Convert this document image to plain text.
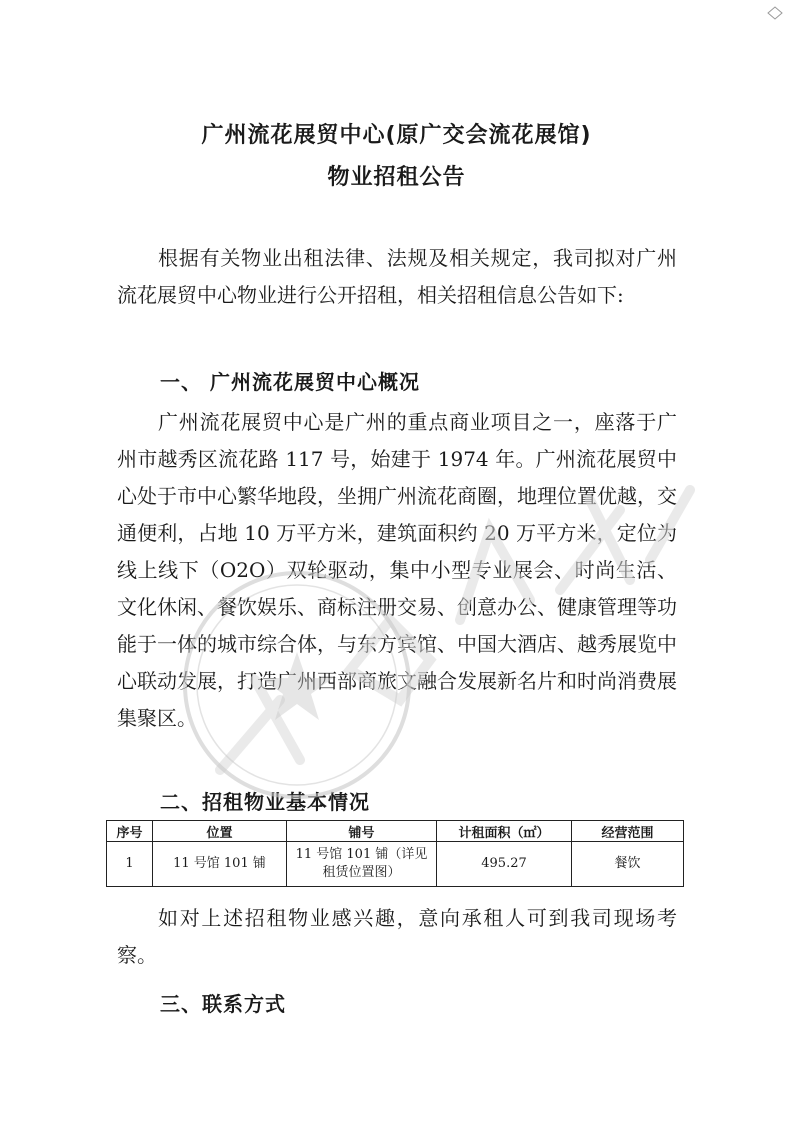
广州流花展贸中心(原广交会流花展馆)
物业招租公告
根据有关物业出租法律、法规及相关规定，我司拟对广州流花展贸中心物业进行公开招租，相关招租信息公告如下:
一、 广州流花展贸中心概况
广州流花展贸中心是广州的重点商业项目之一，座落于广州市越秀区流花路 117 号，始建于 1974 年。广州流花展贸中心处于市中心繁华地段，坐拥广州流花商圈，地理位置优越，交通便利，占地 10 万平方米，建筑面积约 20 万平方米，定位为线上线下（O2O）双轮驱动，集中小型专业展会、时尚生活、文化休闲、餐饮娱乐、商标注册交易、创意办公、健康管理等功能于一体的城市综合体，与东方宾馆、中国大酒店、越秀展览中心联动发展，打造广州西部商旅文融合发展新名片和时尚消费展集聚区。
二、招租物业基本情况
序号	位置	铺号	计租面积（㎡）	经营范围
1	11 号馆 101 铺	11 号馆 101 铺（详见租赁位置图）	495.27	餐饮
如对上述招租物业感兴趣，意向承租人可到我司现场考察。
三、联系方式
